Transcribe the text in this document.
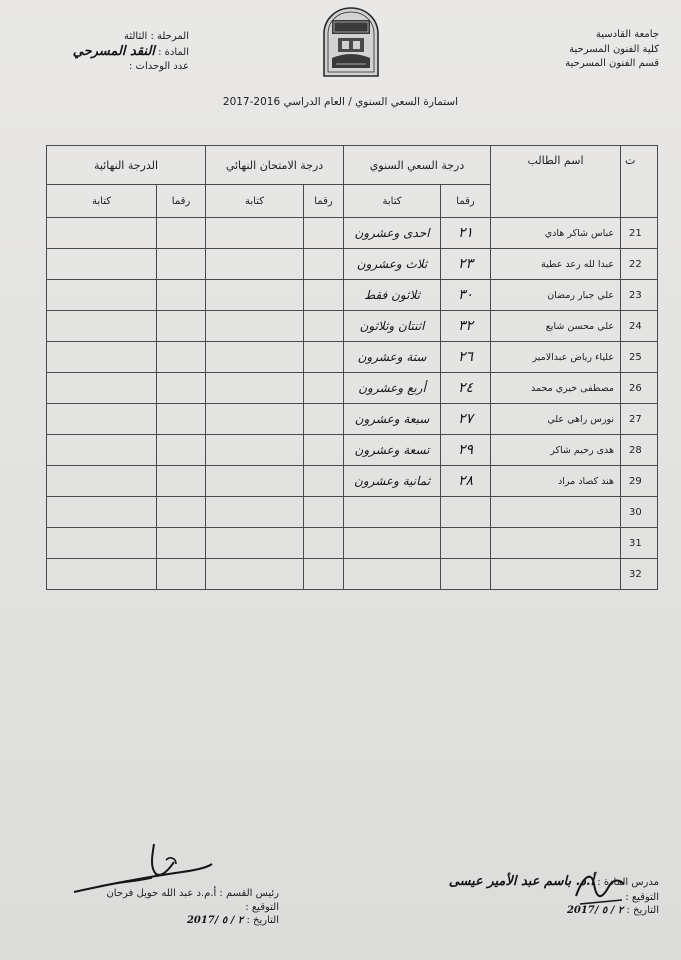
جامعة القادسية
كلية الفنون المسرحية
قسم الفنون المسرحية
المرحلة : الثالثة
المادة : النقد المسرحي
عدد الوحدات :
استمارة السعي السنوي / العام الدراسي 2016-2017
ت	اسم الطالب	درجة السعي السنوي		درجة الامتحان النهائي		الدرجة النهائية	
		رقما	كتابة	رقما	كتابة	رقما	كتابة
21	عباس شاكر هادي	٢١	احدى وعشرون				
22	عبدا لله رعد عطية	٢٣	ثلاث وعشرون				
23	علي جبار رمضان	٣٠	ثلاثون فقط				
24	علي محسن شايع	٣٢	اثنتان وثلاثون				
25	علياء رياض عبدالامير	٢٦	ستة وعشرون				
26	مصطفى خيري محمد	٢٤	أربع وعشرون				
27	نورس راهي علي	٢٧	سبعة وعشرون				
28	هدى رحيم شاكر	٢٩	تسعة وعشرون				
29	هند كصاد مراد	٢٨	ثمانية وعشرون				
30							
31							
32							
مدرس المادة : أ.د. باسم عبد الأمير عيسى
التوقيع :
التاريخ : ٢ / ٥ /2017
رئيس القسم : أ.م.د عبد الله حويل فرحان
التوقيع :
التاريخ : ٢ / ٥ /2017
